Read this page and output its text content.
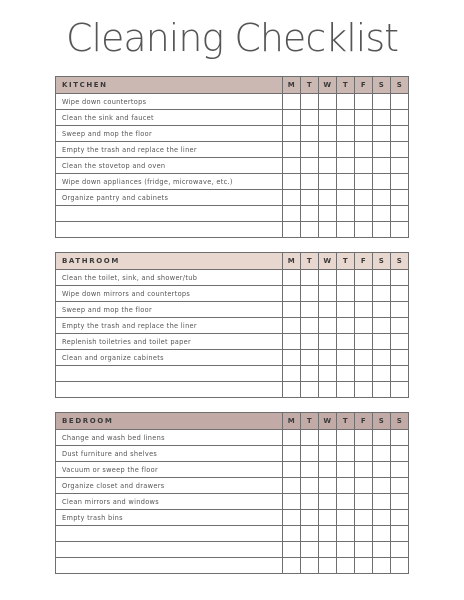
Cleaning Checklist
KITCHEN	M	T	W	T	F	S	S
Wipe down countertops							
Clean the sink and faucet							
Sweep and mop the floor							
Empty the trash and replace the liner							
Clean the stovetop and oven							
Wipe down appliances (fridge, microwave, etc.)							
Organize pantry and cabinets							

BATHROOM	M	T	W	T	F	S	S
Clean the toilet, sink, and shower/tub							
Wipe down mirrors and countertops							
Sweep and mop the floor							
Empty the trash and replace the liner							
Replenish toiletries and toilet paper							
Clean and organize cabinets							

BEDROOM	M	T	W	T	F	S	S
Change and wash bed linens							
Dust furniture and shelves							
Vacuum or sweep the floor							
Organize closet and drawers							
Clean mirrors and windows							
Empty trash bins							
